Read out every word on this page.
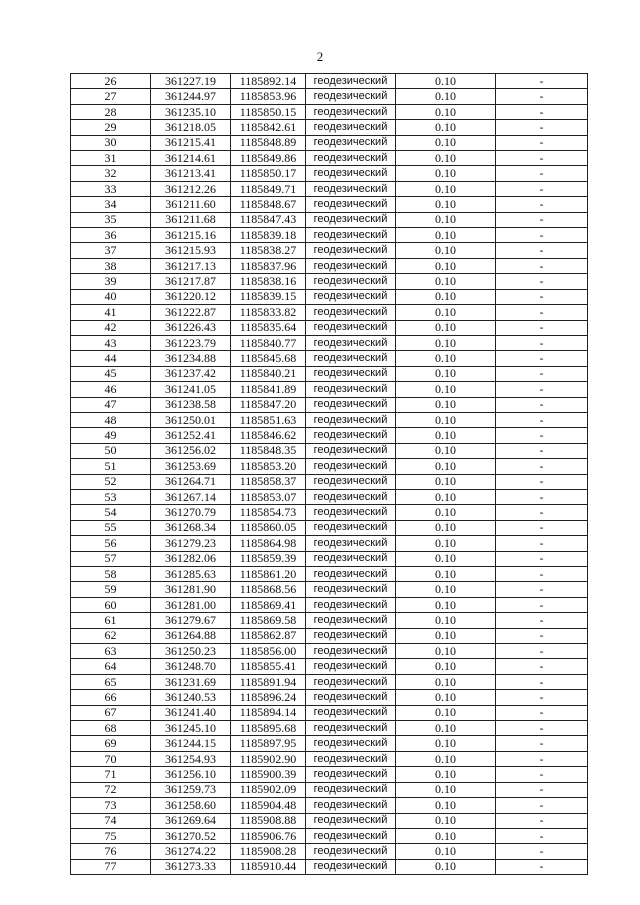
2
26	361227.19	1185892.14	геодезический	0.10	-
27	361244.97	1185853.96	геодезический	0.10	-
28	361235.10	1185850.15	геодезический	0.10	-
29	361218.05	1185842.61	геодезический	0.10	-
30	361215.41	1185848.89	геодезический	0.10	-
31	361214.61	1185849.86	геодезический	0.10	-
32	361213.41	1185850.17	геодезический	0.10	-
33	361212.26	1185849.71	геодезический	0.10	-
34	361211.60	1185848.67	геодезический	0.10	-
35	361211.68	1185847.43	геодезический	0.10	-
36	361215.16	1185839.18	геодезический	0.10	-
37	361215.93	1185838.27	геодезический	0.10	-
38	361217.13	1185837.96	геодезический	0.10	-
39	361217.87	1185838.16	геодезический	0.10	-
40	361220.12	1185839.15	геодезический	0.10	-
41	361222.87	1185833.82	геодезический	0.10	-
42	361226.43	1185835.64	геодезический	0.10	-
43	361223.79	1185840.77	геодезический	0.10	-
44	361234.88	1185845.68	геодезический	0.10	-
45	361237.42	1185840.21	геодезический	0.10	-
46	361241.05	1185841.89	геодезический	0.10	-
47	361238.58	1185847.20	геодезический	0.10	-
48	361250.01	1185851.63	геодезический	0.10	-
49	361252.41	1185846.62	геодезический	0.10	-
50	361256.02	1185848.35	геодезический	0.10	-
51	361253.69	1185853.20	геодезический	0.10	-
52	361264.71	1185858.37	геодезический	0.10	-
53	361267.14	1185853.07	геодезический	0.10	-
54	361270.79	1185854.73	геодезический	0.10	-
55	361268.34	1185860.05	геодезический	0.10	-
56	361279.23	1185864.98	геодезический	0.10	-
57	361282.06	1185859.39	геодезический	0.10	-
58	361285.63	1185861.20	геодезический	0.10	-
59	361281.90	1185868.56	геодезический	0.10	-
60	361281.00	1185869.41	геодезический	0.10	-
61	361279.67	1185869.58	геодезический	0.10	-
62	361264.88	1185862.87	геодезический	0.10	-
63	361250.23	1185856.00	геодезический	0.10	-
64	361248.70	1185855.41	геодезический	0.10	-
65	361231.69	1185891.94	геодезический	0.10	-
66	361240.53	1185896.24	геодезический	0.10	-
67	361241.40	1185894.14	геодезический	0.10	-
68	361245.10	1185895.68	геодезический	0.10	-
69	361244.15	1185897.95	геодезический	0.10	-
70	361254.93	1185902.90	геодезический	0.10	-
71	361256.10	1185900.39	геодезический	0.10	-
72	361259.73	1185902.09	геодезический	0.10	-
73	361258.60	1185904.48	геодезический	0.10	-
74	361269.64	1185908.88	геодезический	0.10	-
75	361270.52	1185906.76	геодезический	0.10	-
76	361274.22	1185908.28	геодезический	0.10	-
77	361273.33	1185910.44	геодезический	0.10	-
